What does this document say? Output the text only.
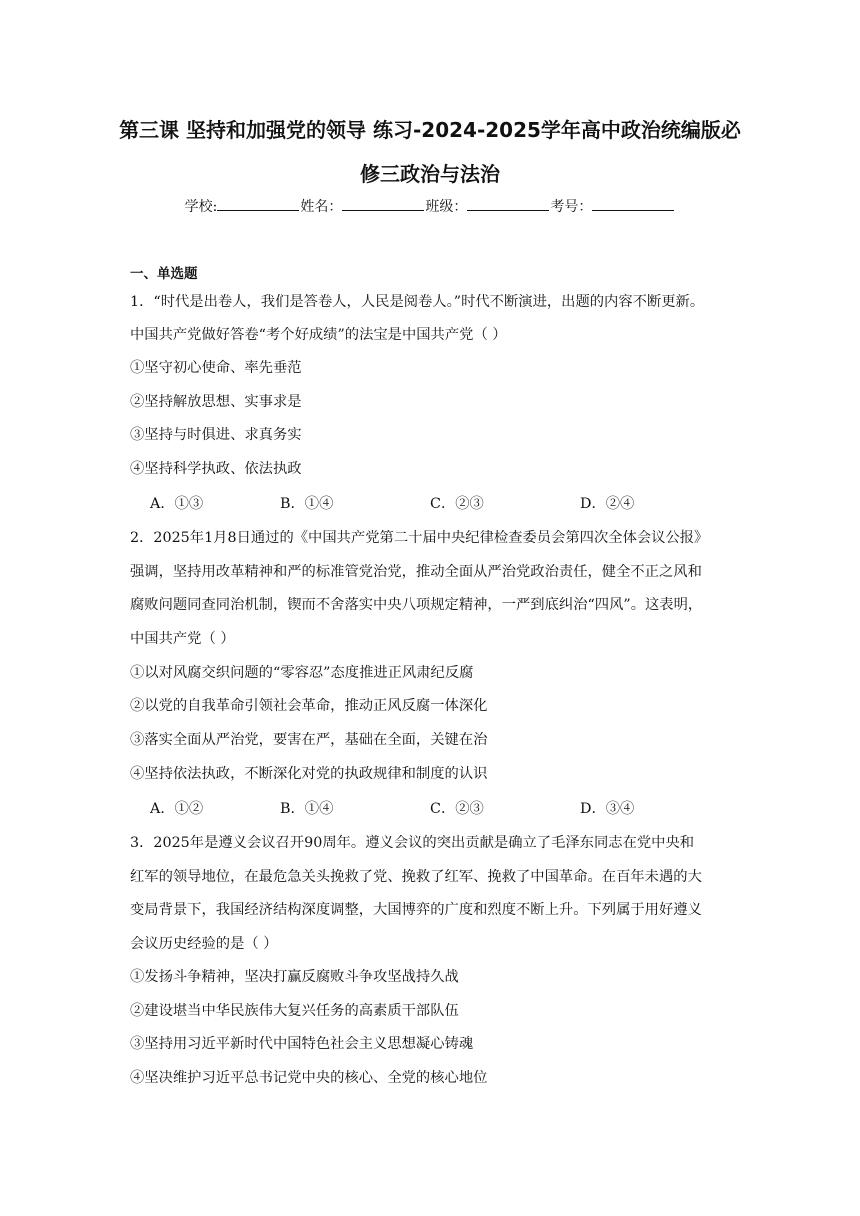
第三课 坚持和加强党的领导 练习-2024-2025学年高中政治统编版必
修三政治与法治
学校:	姓名：	班级：	考号：
一、单选题
1．“时代是出卷人，我们是答卷人，人民是阅卷人。”时代不断演进，出题的内容不断更新。
中国共产党做好答卷“考个好成绩”的法宝是中国共产党（ ）
①坚守初心使命、率先垂范
②坚持解放思想、实事求是
③坚持与时俱进、求真务实
④坚持科学执政、依法执政
A．①③	B．①④	C．②③	D．②④
2．2025年1月8日通过的《中国共产党第二十届中央纪律检查委员会第四次全体会议公报》
强调，坚持用改革精神和严的标准管党治党，推动全面从严治党政治责任，健全不正之风和
腐败问题同查同治机制，锲而不舍落实中央八项规定精神，一严到底纠治“四风”。这表明，
中国共产党（ ）
①以对风腐交织问题的“零容忍”态度推进正风肃纪反腐
②以党的自我革命引领社会革命，推动正风反腐一体深化
③落实全面从严治党，要害在严，基础在全面，关键在治
④坚持依法执政，不断深化对党的执政规律和制度的认识
A．①②	B．①④	C．②③	D．③④
3．2025年是遵义会议召开90周年。遵义会议的突出贡献是确立了毛泽东同志在党中央和
红军的领导地位，在最危急关头挽救了党、挽救了红军、挽救了中国革命。在百年未遇的大
变局背景下，我国经济结构深度调整，大国博弈的广度和烈度不断上升。下列属于用好遵义
会议历史经验的是（ ）
①发扬斗争精神，坚决打赢反腐败斗争攻坚战持久战
②建设堪当中华民族伟大复兴任务的高素质干部队伍
③坚持用习近平新时代中国特色社会主义思想凝心铸魂
④坚决维护习近平总书记党中央的核心、全党的核心地位
